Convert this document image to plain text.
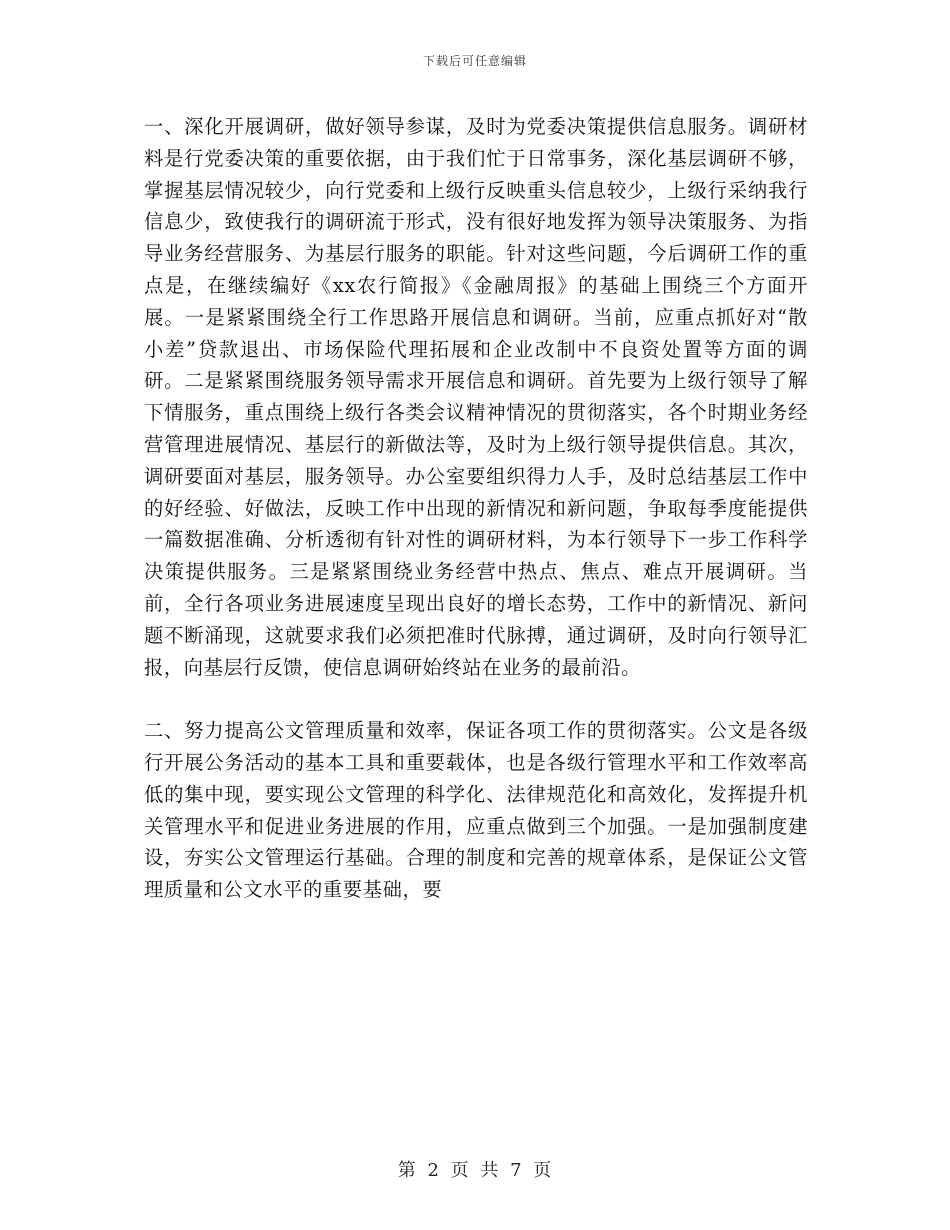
下载后可任意编辑

一、深化开展调研，做好领导参谋，及时为党委决策提供信息服务。调研材料是行党委决策的重要依据，由于我们忙于日常事务，深化基层调研不够，掌握基层情况较少，向行党委和上级行反映重头信息较少，上级行采纳我行信息少，致使我行的调研流于形式，没有很好地发挥为领导决策服务、为指导业务经营服务、为基层行服务的职能。针对这些问题，今后调研工作的重点是，在继续编好《xx农行简报》《金融周报》的基础上围绕三个方面开展。一是紧紧围绕全行工作思路开展信息和调研。当前，应重点抓好对“散小差”贷款退出、市场保险代理拓展和企业改制中不良资处置等方面的调研。二是紧紧围绕服务领导需求开展信息和调研。首先要为上级行领导了解下情服务，重点围绕上级行各类会议精神情况的贯彻落实，各个时期业务经营管理进展情况、基层行的新做法等，及时为上级行领导提供信息。其次，调研要面对基层，服务领导。办公室要组织得力人手，及时总结基层工作中的好经验、好做法，反映工作中出现的新情况和新问题，争取每季度能提供一篇数据准确、分析透彻有针对性的调研材料，为本行领导下一步工作科学决策提供服务。三是紧紧围绕业务经营中热点、焦点、难点开展调研。当前，全行各项业务进展速度呈现出良好的增长态势，工作中的新情况、新问题不断涌现，这就要求我们必须把准时代脉搏，通过调研，及时向行领导汇报，向基层行反馈，使信息调研始终站在业务的最前沿。

二、努力提高公文管理质量和效率，保证各项工作的贯彻落实。公文是各级行开展公务活动的基本工具和重要载体，也是各级行管理水平和工作效率高低的集中现，要实现公文管理的科学化、法律规范化和高效化，发挥提升机关管理水平和促进业务进展的作用，应重点做到三个加强。一是加强制度建设，夯实公文管理运行基础。合理的制度和完善的规章体系，是保证公文管理质量和公文水平的重要基础，要

第 2 页 共 7 页
